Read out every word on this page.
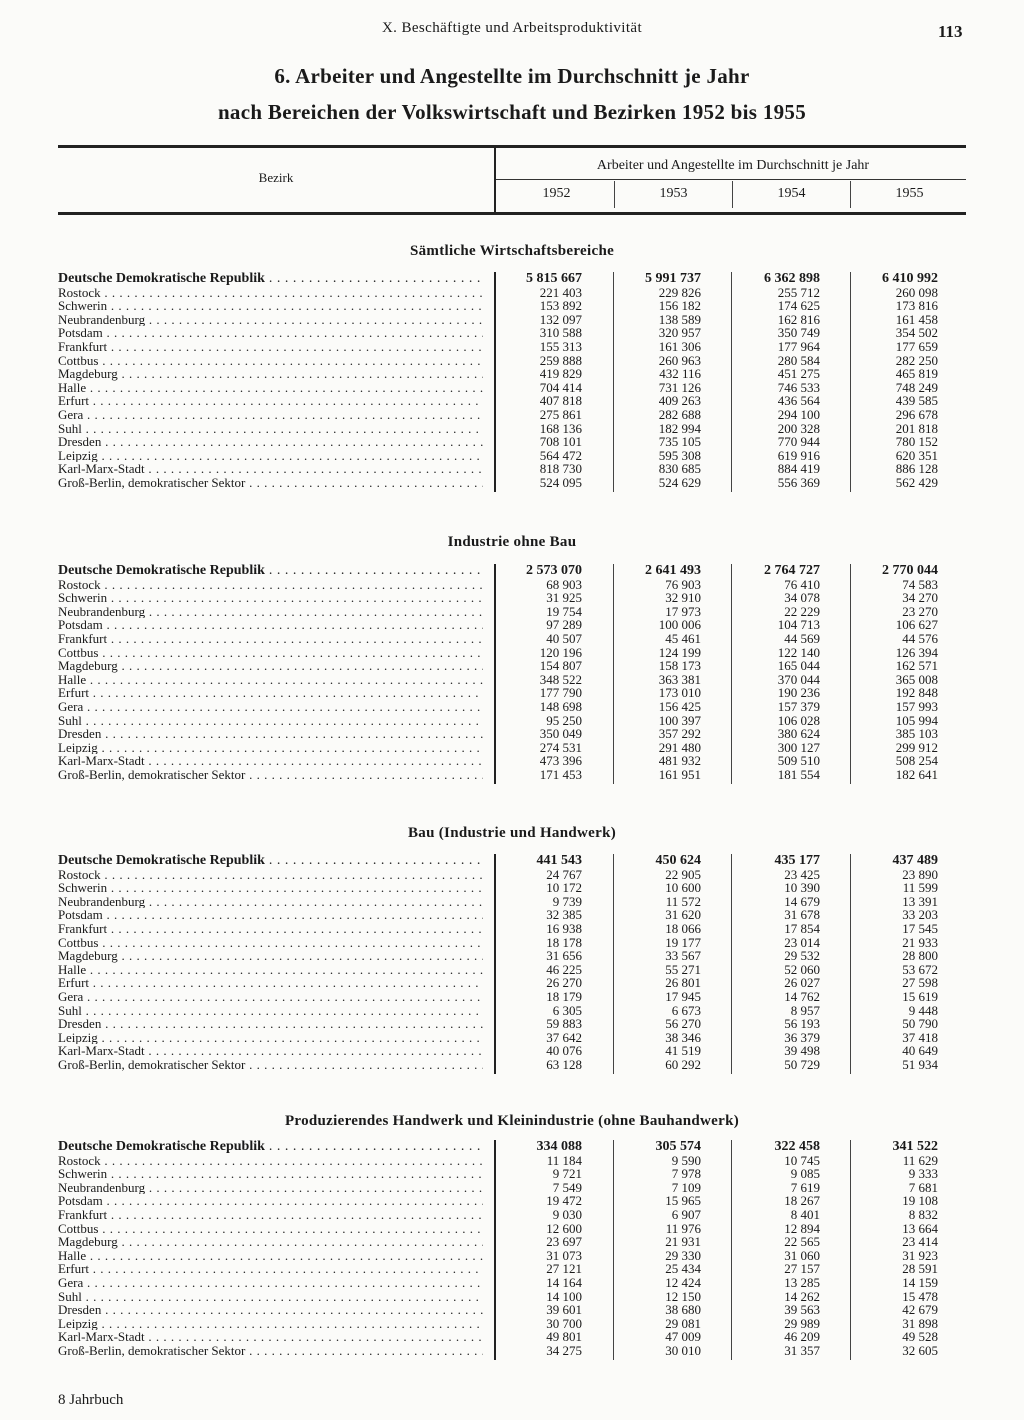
X. Beschäftigte und Arbeitsproduktivität	113
6. Arbeiter und Angestellte im Durchschnitt je Jahr
nach Bereichen der Volkswirtschaft und Bezirken 1952 bis 1955
Bezirk
Arbeiter und Angestellte im Durchschnitt je Jahr
1952	1953	1954	1955
Sämtliche Wirtschaftsbereiche
Deutsche Demokratische Republik . . .	5 815 667	5 991 737	6 362 898	6 410 992
Rostock . . .	221 403	229 826	255 712	260 098
Schwerin . . .	153 892	156 182	174 625	173 816
Neubrandenburg . . .	132 097	138 589	162 816	161 458
Potsdam . . .	310 588	320 957	350 749	354 502
Frankfurt . . .	155 313	161 306	177 964	177 659
Cottbus . . .	259 888	260 963	280 584	282 250
Magdeburg . . .	419 829	432 116	451 275	465 819
Halle . . .	704 414	731 126	746 533	748 249
Erfurt . . .	407 818	409 263	436 564	439 585
Gera . . .	275 861	282 688	294 100	296 678
Suhl . . .	168 136	182 994	200 328	201 818
Dresden . . .	708 101	735 105	770 944	780 152
Leipzig . . .	564 472	595 308	619 916	620 351
Karl-Marx-Stadt . . .	818 730	830 685	884 419	886 128
Groß-Berlin, demokratischer Sektor . . .	524 095	524 629	556 369	562 429
Industrie ohne Bau
Deutsche Demokratische Republik . . .	2 573 070	2 641 493	2 764 727	2 770 044
Rostock . . .	68 903	76 903	76 410	74 583
Schwerin . . .	31 925	32 910	34 078	34 270
Neubrandenburg . . .	19 754	17 973	22 229	23 270
Potsdam . . .	97 289	100 006	104 713	106 627
Frankfurt . . .	40 507	45 461	44 569	44 576
Cottbus . . .	120 196	124 199	122 140	126 394
Magdeburg . . .	154 807	158 173	165 044	162 571
Halle . . .	348 522	363 381	370 044	365 008
Erfurt . . .	177 790	173 010	190 236	192 848
Gera . . .	148 698	156 425	157 379	157 993
Suhl . . .	95 250	100 397	106 028	105 994
Dresden . . .	350 049	357 292	380 624	385 103
Leipzig . . .	274 531	291 480	300 127	299 912
Karl-Marx-Stadt . . .	473 396	481 932	509 510	508 254
Groß-Berlin, demokratischer Sektor . . .	171 453	161 951	181 554	182 641
Bau (Industrie und Handwerk)
Deutsche Demokratische Republik . . .	441 543	450 624	435 177	437 489
Rostock . . .	24 767	22 905	23 425	23 890
Schwerin . . .	10 172	10 600	10 390	11 599
Neubrandenburg . . .	9 739	11 572	14 679	13 391
Potsdam . . .	32 385	31 620	31 678	33 203
Frankfurt . . .	16 938	18 066	17 854	17 545
Cottbus . . .	18 178	19 177	23 014	21 933
Magdeburg . . .	31 656	33 567	29 532	28 800
Halle . . .	46 225	55 271	52 060	53 672
Erfurt . . .	26 270	26 801	26 027	27 598
Gera . . .	18 179	17 945	14 762	15 619
Suhl . . .	6 305	6 673	8 957	9 448
Dresden . . .	59 883	56 270	56 193	50 790
Leipzig . . .	37 642	38 346	36 379	37 418
Karl-Marx-Stadt . . .	40 076	41 519	39 498	40 649
Groß-Berlin, demokratischer Sektor . . .	63 128	60 292	50 729	51 934
Produzierendes Handwerk und Kleinindustrie (ohne Bauhandwerk)
Deutsche Demokratische Republik . . .	334 088	305 574	322 458	341 522
Rostock . . .	11 184	9 590	10 745	11 629
Schwerin . . .	9 721	7 978	9 085	9 333
Neubrandenburg . . .	7 549	7 109	7 619	7 681
Potsdam . . .	19 472	15 965	18 267	19 108
Frankfurt . . .	9 030	6 907	8 401	8 832
Cottbus . . .	12 600	11 976	12 894	13 664
Magdeburg . . .	23 697	21 931	22 565	23 414
Halle . . .	31 073	29 330	31 060	31 923
Erfurt . . .	27 121	25 434	27 157	28 591
Gera . . .	14 164	12 424	13 285	14 159
Suhl . . .	14 100	12 150	14 262	15 478
Dresden . . .	39 601	38 680	39 563	42 679
Leipzig . . .	30 700	29 081	29 989	31 898
Karl-Marx-Stadt . . .	49 801	47 009	46 209	49 528
Groß-Berlin, demokratischer Sektor . . .	34 275	30 010	31 357	32 605
8 Jahrbuch
